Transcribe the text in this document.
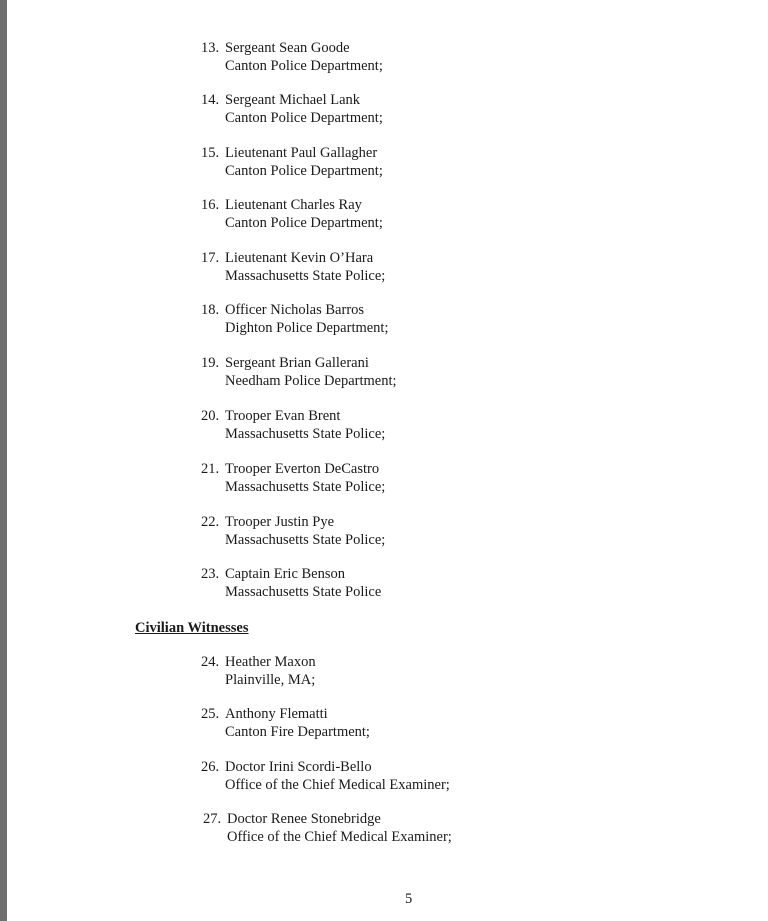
13. Sergeant Sean Goode
Canton Police Department;
14. Sergeant Michael Lank
Canton Police Department;
15. Lieutenant Paul Gallagher
Canton Police Department;
16. Lieutenant Charles Ray
Canton Police Department;
17. Lieutenant Kevin O’Hara
Massachusetts State Police;
18. Officer Nicholas Barros
Dighton Police Department;
19. Sergeant Brian Gallerani
Needham Police Department;
20. Trooper Evan Brent
Massachusetts State Police;
21. Trooper Everton DeCastro
Massachusetts State Police;
22. Trooper Justin Pye
Massachusetts State Police;
23. Captain Eric Benson
Massachusetts State Police
Civilian Witnesses
24. Heather Maxon
Plainville, MA;
25. Anthony Flematti
Canton Fire Department;
26. Doctor Irini Scordi-Bello
Office of the Chief Medical Examiner;
27. Doctor Renee Stonebridge
Office of the Chief Medical Examiner;
5
